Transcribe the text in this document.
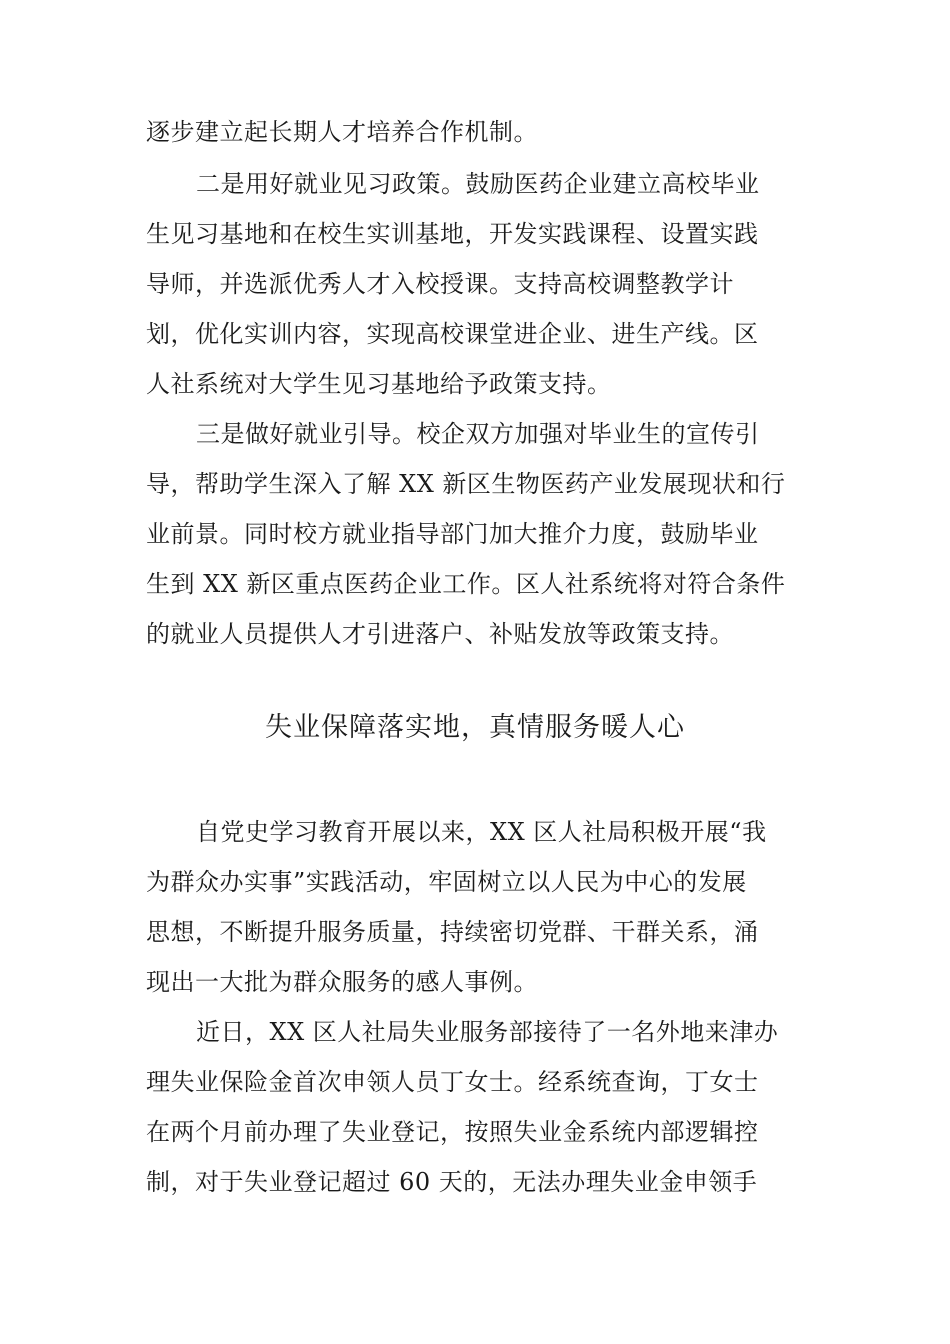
逐步建立起长期人才培养合作机制。
二是用好就业见习政策。鼓励医药企业建立高校毕业
生见习基地和在校生实训基地，开发实践课程、设置实践
导师，并选派优秀人才入校授课。支持高校调整教学计
划，优化实训内容，实现高校课堂进企业、进生产线。区
人社系统对大学生见习基地给予政策支持。
三是做好就业引导。校企双方加强对毕业生的宣传引
导，帮助学生深入了解 XX 新区生物医药产业发展现状和行
业前景。同时校方就业指导部门加大推介力度，鼓励毕业
生到 XX 新区重点医药企业工作。区人社系统将对符合条件
的就业人员提供人才引进落户、补贴发放等政策支持。
失业保障落实地，真情服务暖人心
自党史学习教育开展以来，XX 区人社局积极开展“我
为群众办实事”实践活动，牢固树立以人民为中心的发展
思想，不断提升服务质量，持续密切党群、干群关系，涌
现出一大批为群众服务的感人事例。
近日，XX 区人社局失业服务部接待了一名外地来津办
理失业保险金首次申领人员丁女士。经系统查询，丁女士
在两个月前办理了失业登记，按照失业金系统内部逻辑控
制，对于失业登记超过 60 天的，无法办理失业金申领手
